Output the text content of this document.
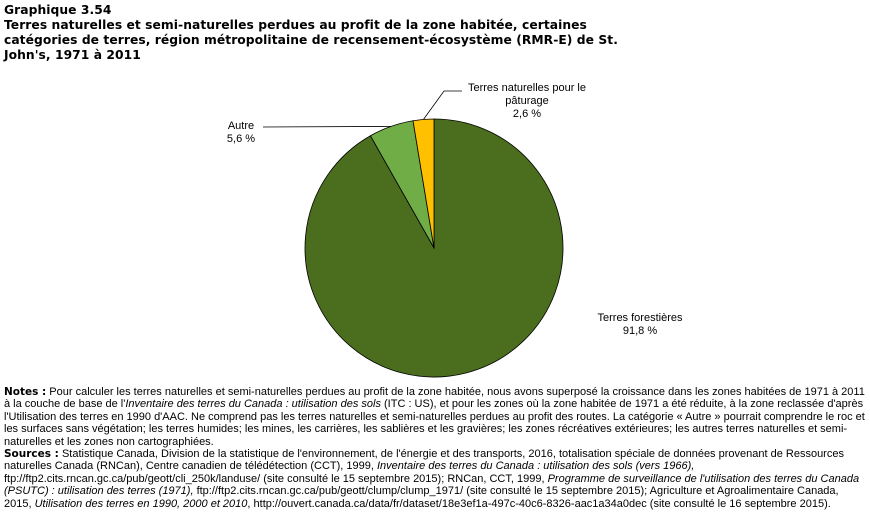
Graphique 3.54
Terres naturelles et semi-naturelles perdues au profit de la zone habitée, certaines
catégories de terres, région métropolitaine de recensement-écosystème (RMR-E) de St.
John's, 1971 à 2011
Terres forestières 91,8 %
Autre 5,6 %
Terres naturelles pour le pâturage 2,6 %

Notes : Pour calculer les terres naturelles et semi-naturelles perdues au profit de la zone habitée, nous avons superposé la croissance dans les zones habitées de 1971 à 2011 à la couche de base de l'Inventaire des terres du Canada : utilisation des sols (ITC : US), et pour les zones où la zone habitée de 1971 a été réduite, à la zone reclassée d'après l'Utilisation des terres en 1990 d'AAC. Ne comprend pas les terres naturelles et semi-naturelles perdues au profit des routes. La catégorie « Autre » pourrait comprendre le roc et les surfaces sans végétation; les terres humides; les mines, les carrières, les sablières et les gravières; les zones récréatives extérieures; les autres terres naturelles et semi-naturelles et les zones non cartographiées.

Sources : Statistique Canada, Division de la statistique de l'environnement, de l'énergie et des transports, 2016, totalisation spéciale de données provenant de Ressources naturelles Canada (RNCan), Centre canadien de télédétection (CCT), 1999, Inventaire des terres du Canada : utilisation des sols (vers 1966), ftp://ftp2.cits.rncan.gc.ca/pub/geott/cli_250k/landuse/ (site consulté le 15 septembre 2015); RNCan, CCT, 1999, Programme de surveillance de l'utilisation des terres du Canada (PSUTC) : utilisation des terres (1971), ftp://ftp2.cits.rncan.gc.ca/pub/geott/clump/clump_1971/ (site consulté le 15 septembre 2015); Agriculture et Agroalimentaire Canada, 2015, Utilisation des terres en 1990, 2000 et 2010, http://ouvert.canada.ca/data/fr/dataset/18e3ef1a-497c-40c6-8326-aac1a34a0dec (site consulté le 16 septembre 2015).
